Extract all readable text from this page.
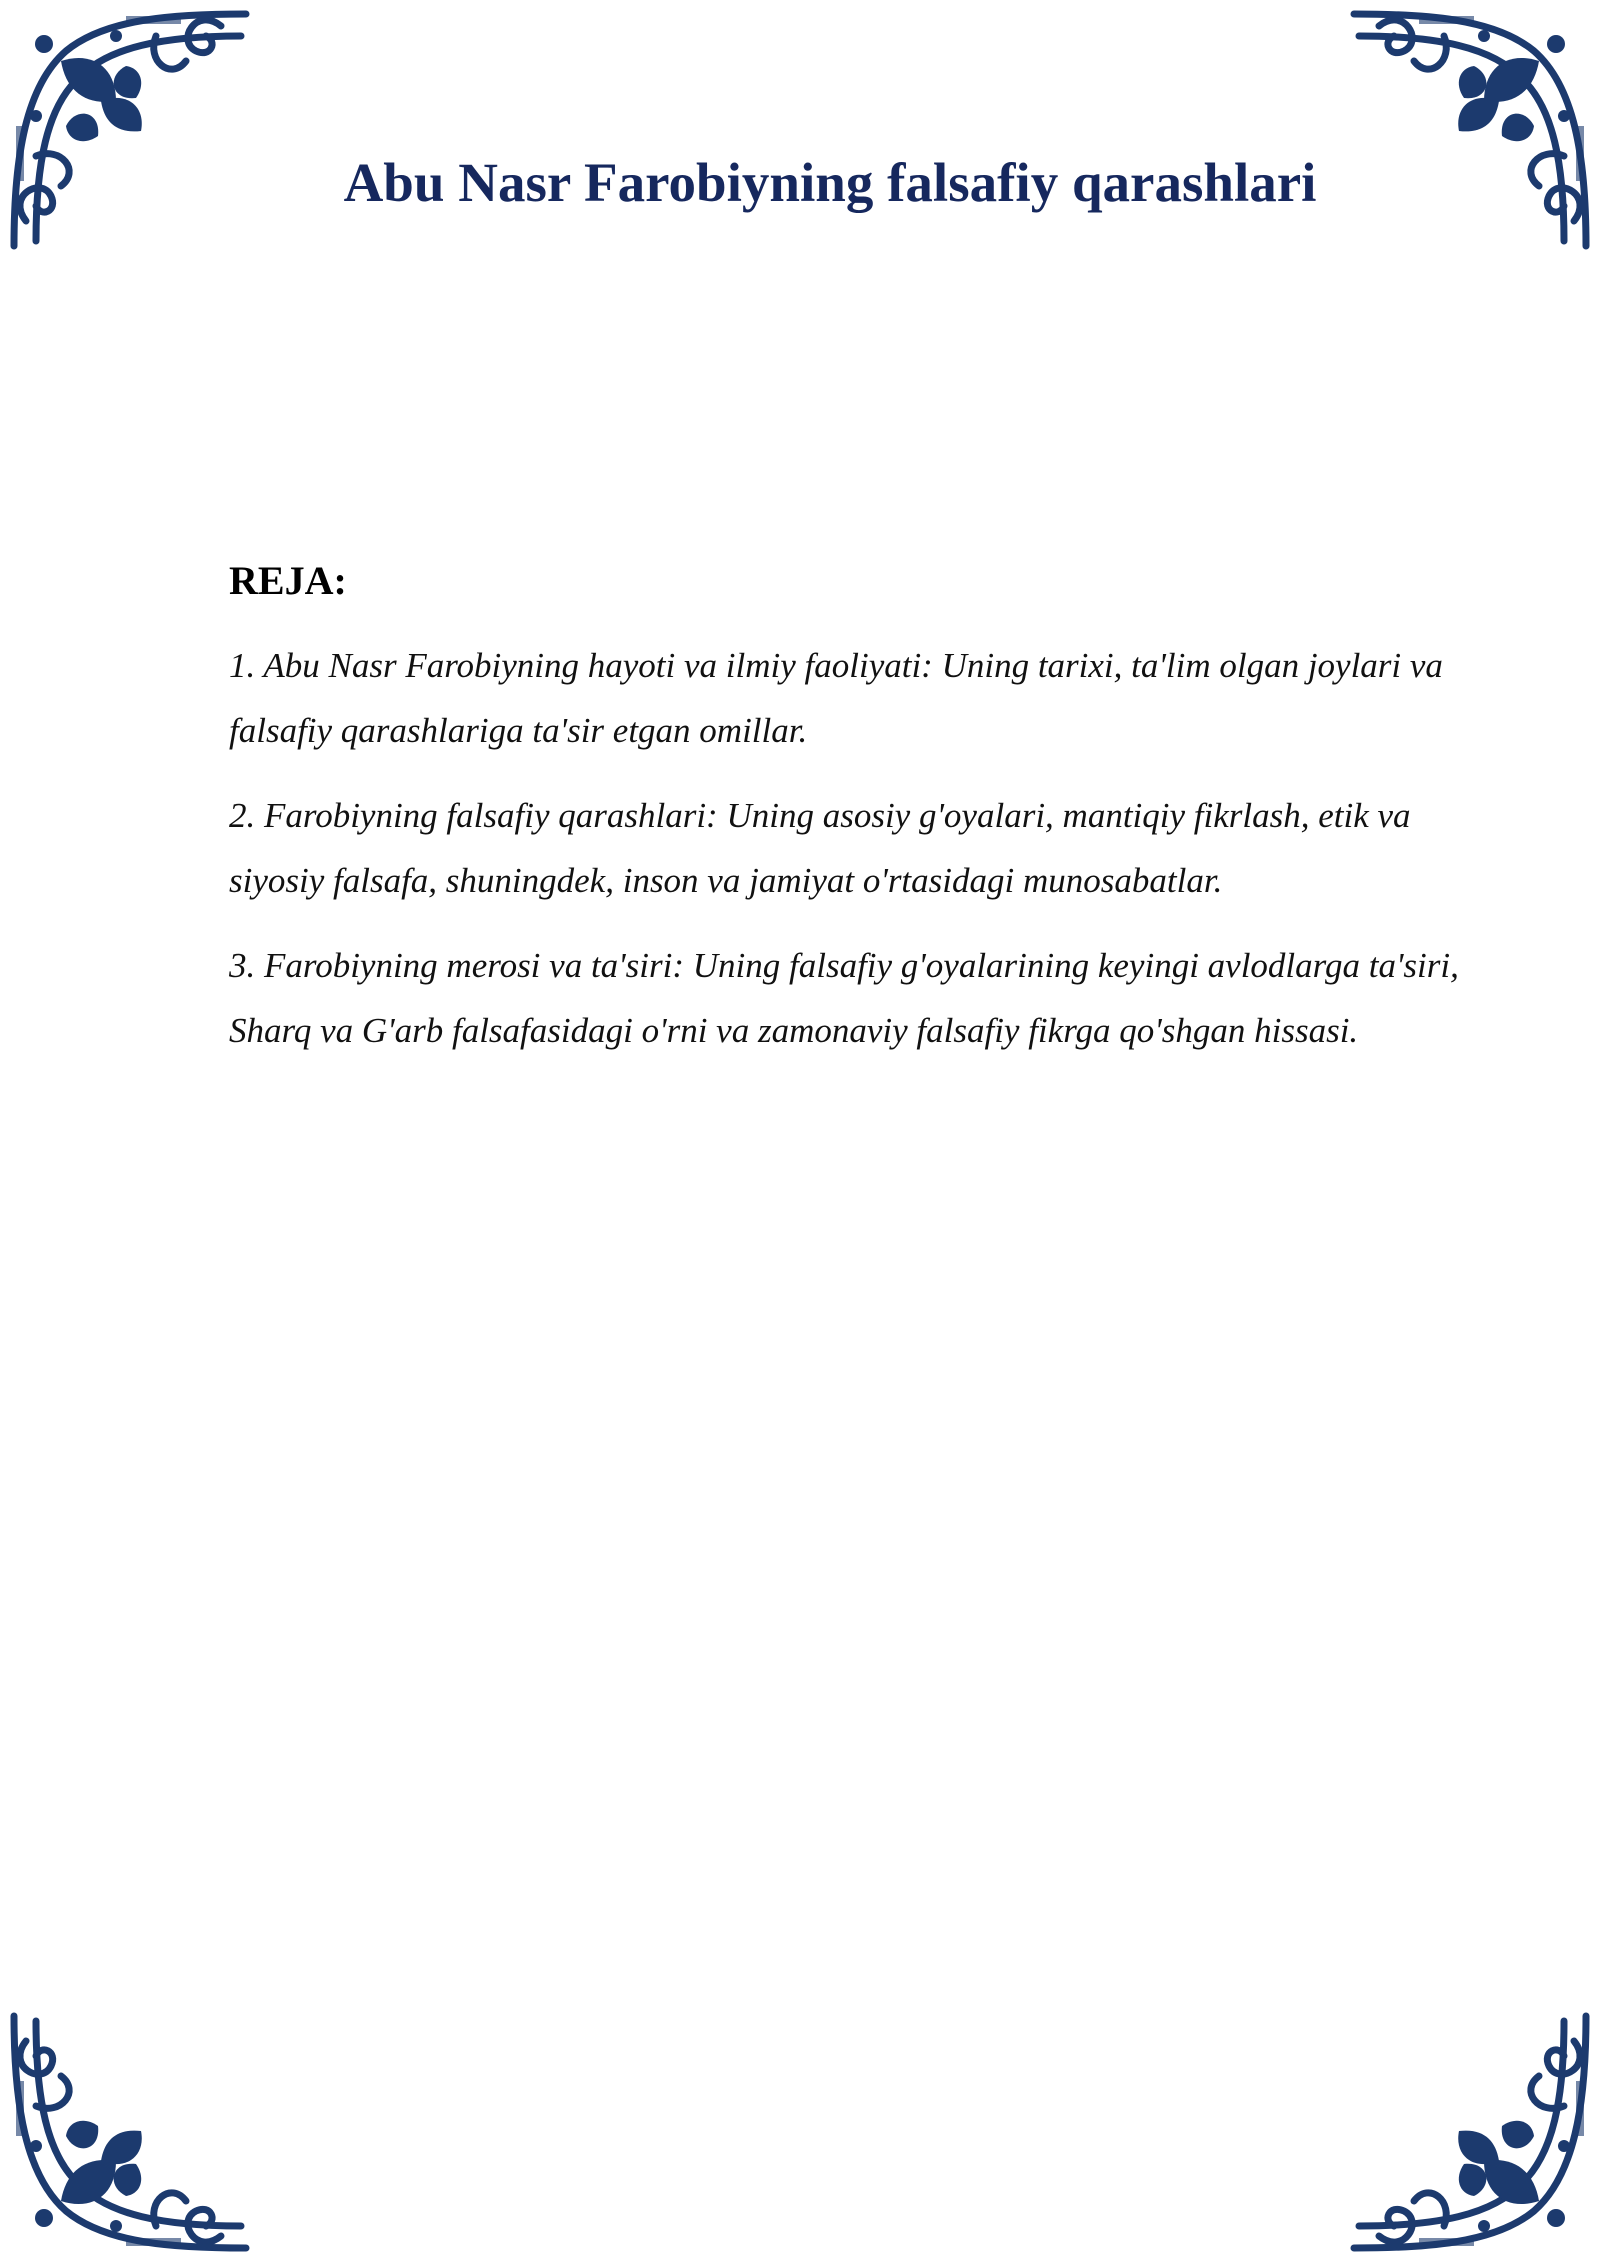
Abu Nasr Farobiyning falsafiy qarashlari
REJA:

1. Abu Nasr Farobiyning hayoti va ilmiy faoliyati: Uning tarixi, ta'lim olgan joylari va falsafiy qarashlariga ta'sir etgan omillar.

2. Farobiyning falsafiy qarashlari: Uning asosiy g'oyalari, mantiqiy fikrlash, etik va siyosiy falsafa, shuningdek, inson va jamiyat o'rtasidagi munosabatlar.

3. Farobiyning merosi va ta'siri: Uning falsafiy g'oyalarining keyingi avlodlarga ta'siri, Sharq va G'arb falsafasidagi o'rni va zamonaviy falsafiy fikrga qo'shgan hissasi.
